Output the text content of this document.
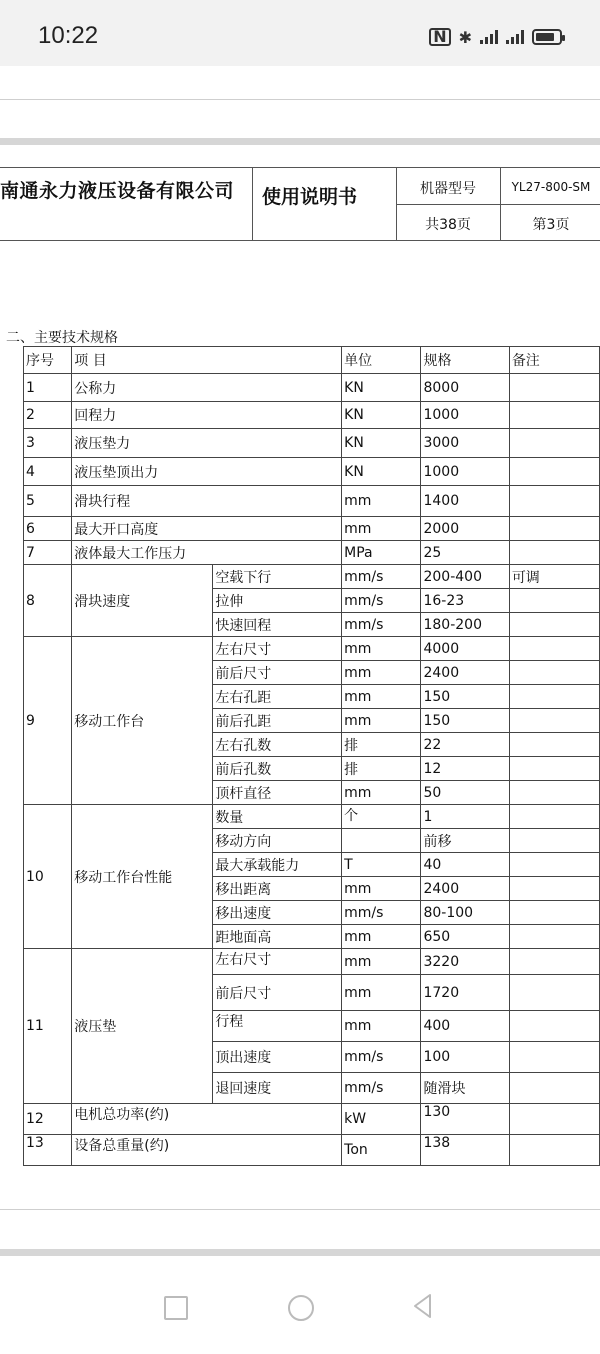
10:22	N ✱
南通永力液压设备有限公司 使用说明书	机器型号	YL27-800-SM
共38页	第3页
二、主要技术规格
序号	项 目		单位	规格	备注
1	公称力		KN	8000	
2	回程力		KN	1000	
3	液压垫力		KN	3000	
4	液压垫顶出力		KN	1000	
5	滑块行程		mm	1400	
6	最大开口高度		mm	2000	
7	液体最大工作压力		MPa	25	
8	滑块速度	空载下行	mm/s	200-400	可调
		拉伸	mm/s	16-23	
		快速回程	mm/s	180-200	
9	移动工作台	左右尺寸	mm	4000	
		前后尺寸	mm	2400	
		左右孔距	mm	150	
		前后孔距	mm	150	
		左右孔数	排	22	
		前后孔数	排	12	
		顶杆直径	mm	50	
10	移动工作台性能	数量	个	1	
		移动方向		前移	
		最大承载能力	T	40	
		移出距离	mm	2400	
		移出速度	mm/s	80-100	
		距地面高	mm	650	
11	液压垫	左右尺寸	mm	3220	
		前后尺寸	mm	1720	
		行程	mm	400	
		顶出速度	mm/s	100	
		退回速度	mm/s	随滑块	
12	电机总功率(约)		kW	130	
13	设备总重量(约)		Ton	138	
